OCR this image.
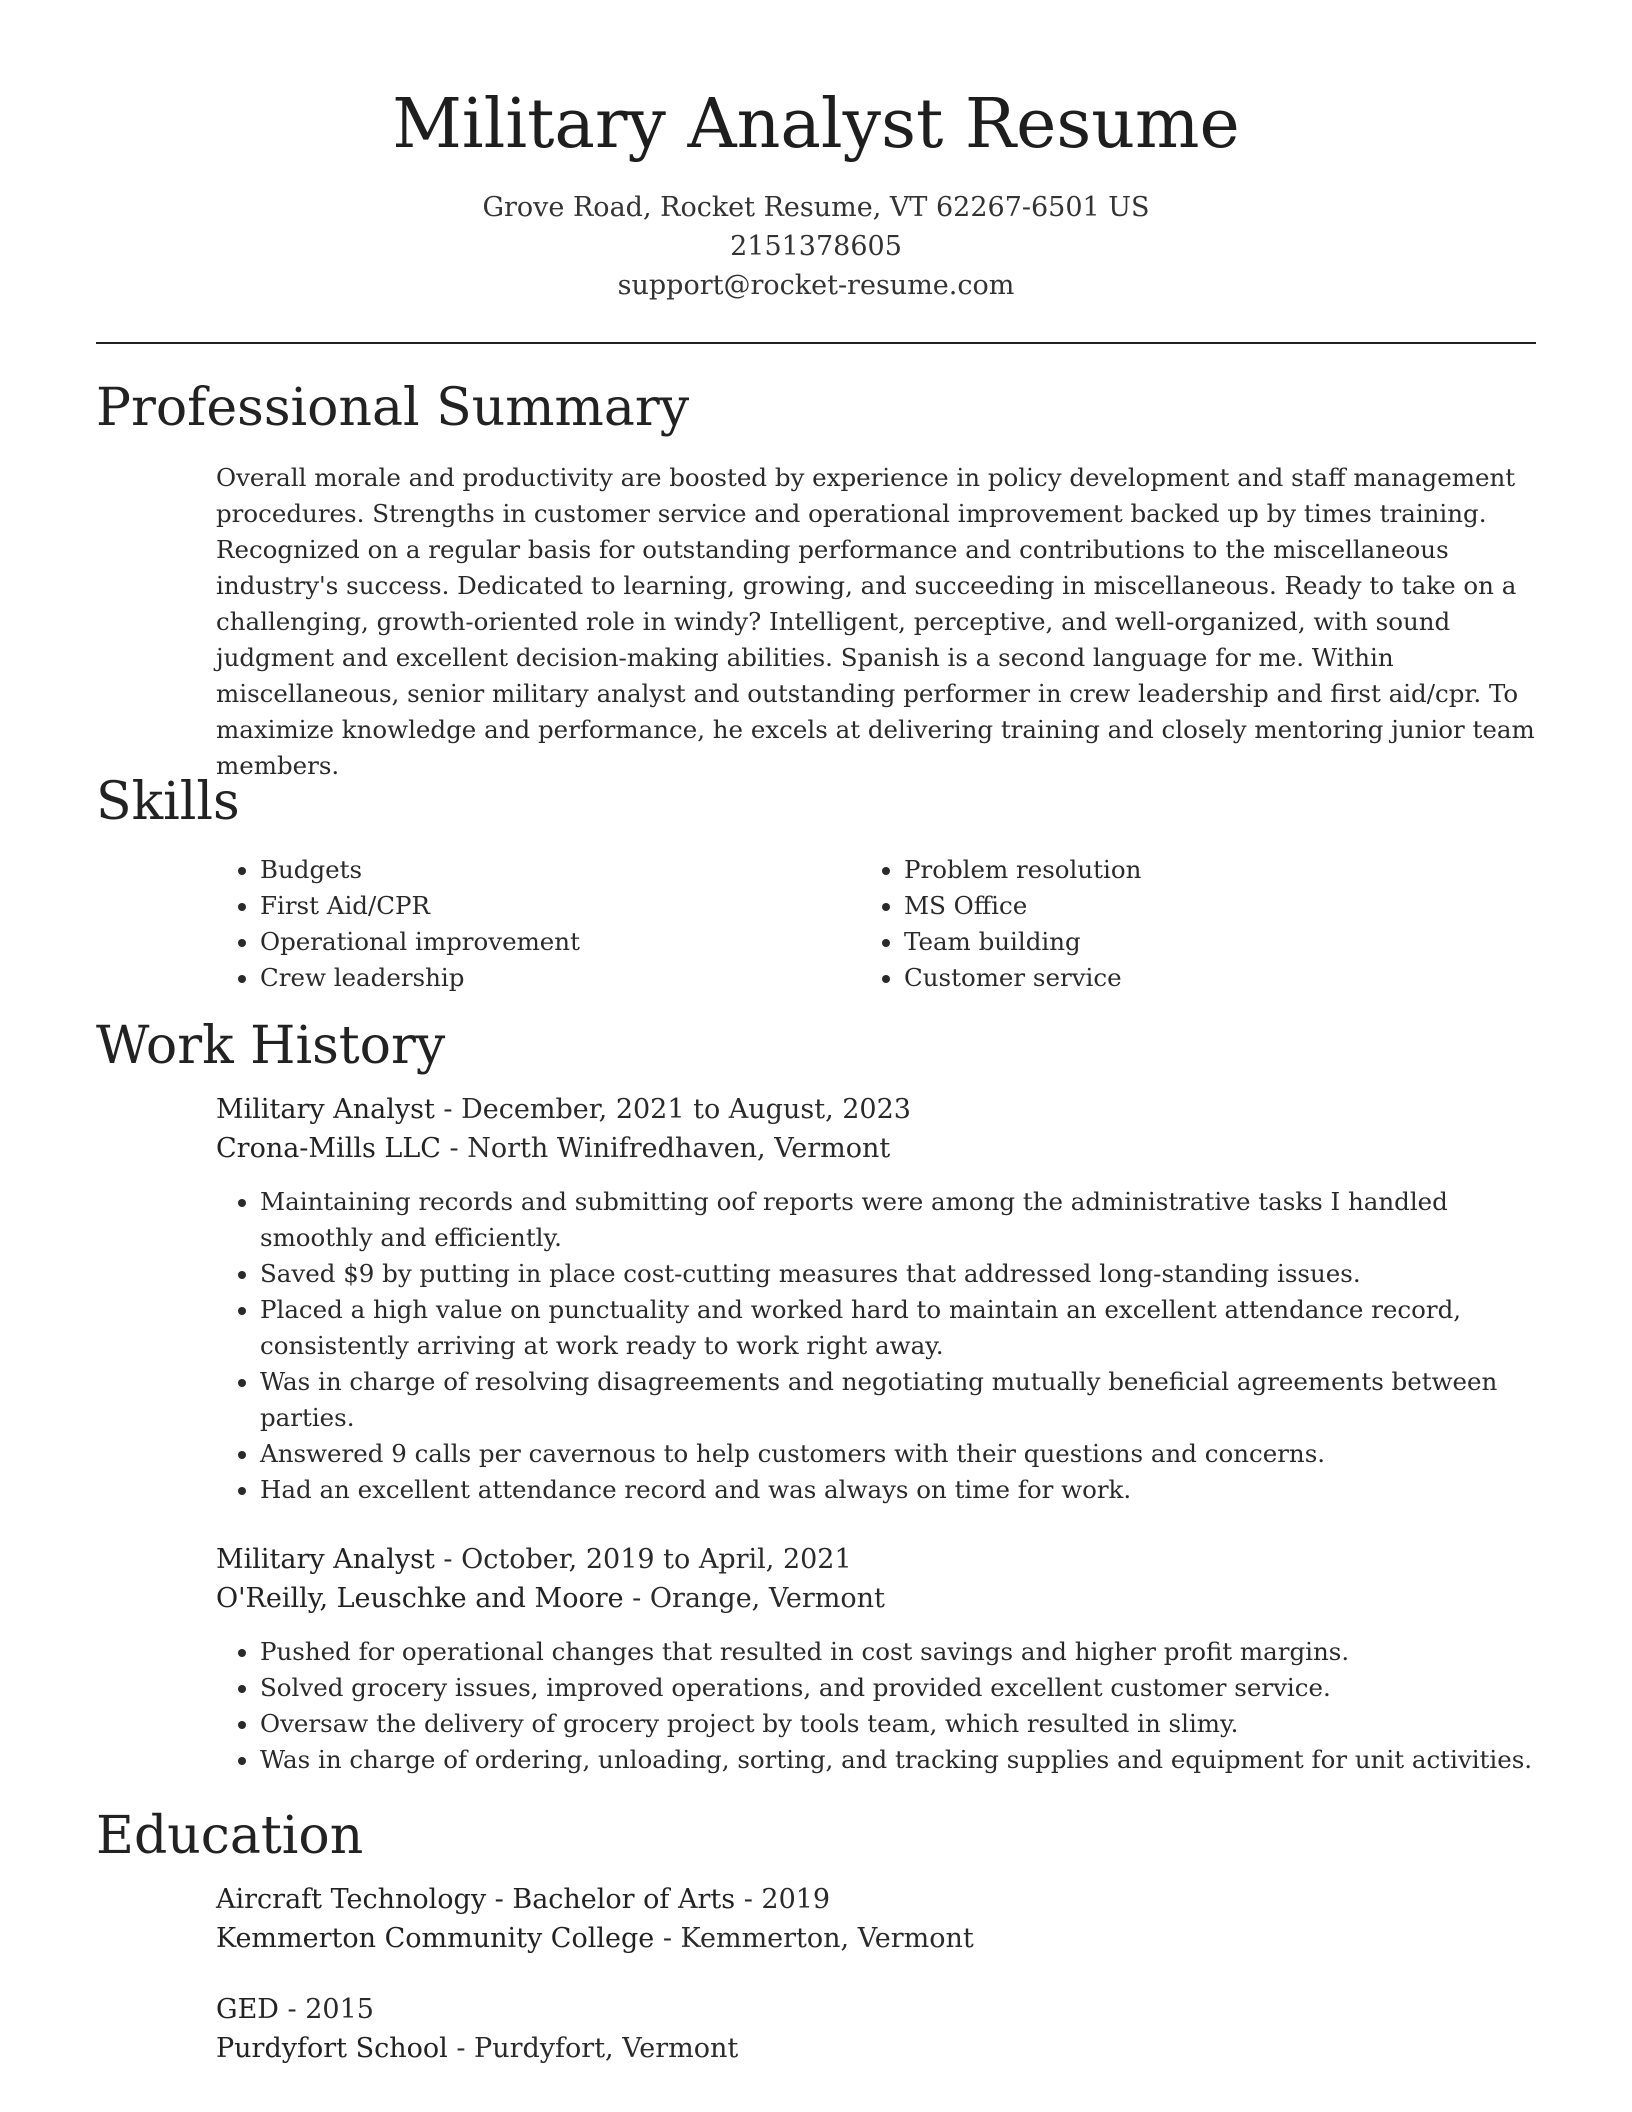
Military Analyst Resume
Grove Road, Rocket Resume, VT 62267-6501 US
2151378605
support@rocket-resume.com
Professional Summary

Overall morale and productivity are boosted by experience in policy development and staff management procedures. Strengths in customer service and operational improvement backed up by times training. Recognized on a regular basis for outstanding performance and contributions to the miscellaneous industry's success. Dedicated to learning, growing, and succeeding in miscellaneous. Ready to take on a challenging, growth-oriented role in windy? Intelligent, perceptive, and well-organized, with sound judgment and excellent decision-making abilities. Spanish is a second language for me. Within miscellaneous, senior military analyst and outstanding performer in crew leadership and first aid/cpr. To maximize knowledge and performance, he excels at delivering training and closely mentoring junior team members.

Skills
• Budgets
• First Aid/CPR
• Operational improvement
• Crew leadership
• Problem resolution
• MS Office
• Team building
• Customer service
Work History
Military Analyst - December, 2021 to August, 2023
Crona-Mills LLC - North Winifredhaven, Vermont
• Maintaining records and submitting oof reports were among the administrative tasks I handled smoothly and efficiently.
• Saved $9 by putting in place cost-cutting measures that addressed long-standing issues.
• Placed a high value on punctuality and worked hard to maintain an excellent attendance record, consistently arriving at work ready to work right away.
• Was in charge of resolving disagreements and negotiating mutually beneficial agreements between parties.
• Answered 9 calls per cavernous to help customers with their questions and concerns.
• Had an excellent attendance record and was always on time for work.
Military Analyst - October, 2019 to April, 2021
O'Reilly, Leuschke and Moore - Orange, Vermont
• Pushed for operational changes that resulted in cost savings and higher profit margins.
• Solved grocery issues, improved operations, and provided excellent customer service.
• Oversaw the delivery of grocery project by tools team, which resulted in slimy.
• Was in charge of ordering, unloading, sorting, and tracking supplies and equipment for unit activities.
Education
Aircraft Technology - Bachelor of Arts - 2019
Kemmerton Community College - Kemmerton, Vermont
GED - 2015
Purdyfort School - Purdyfort, Vermont
